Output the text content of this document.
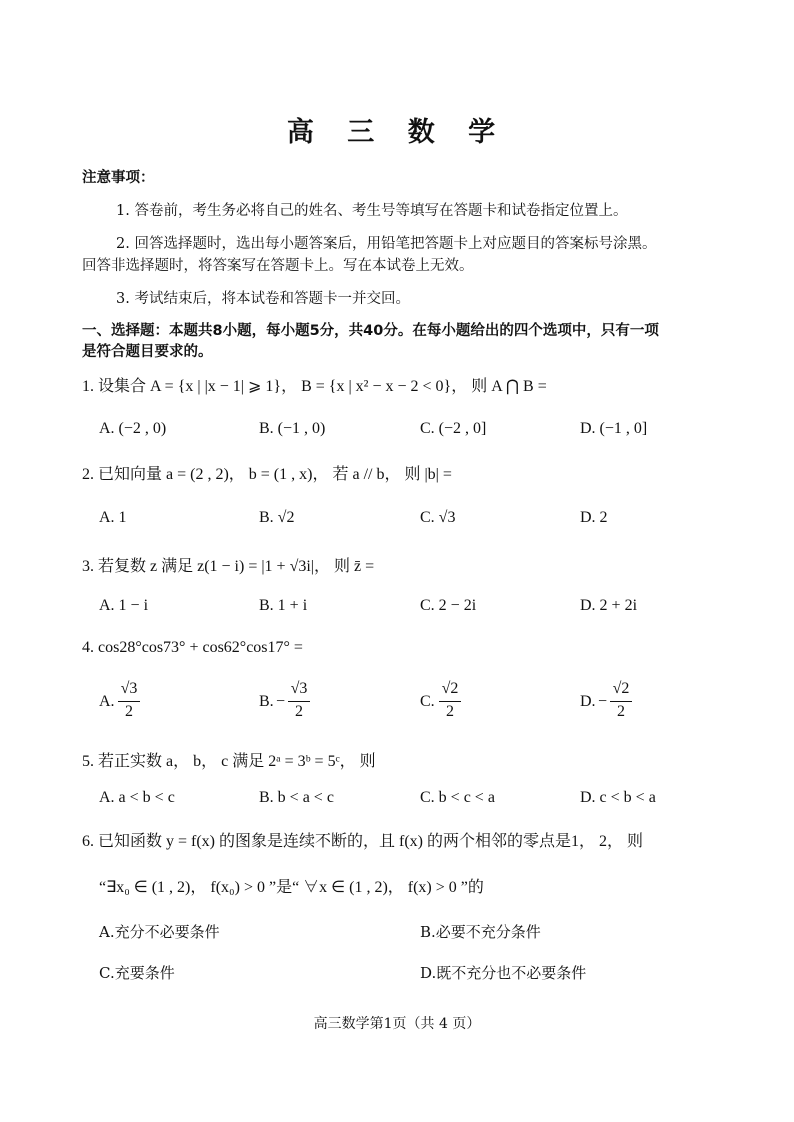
高 三 数 学
注意事项：
1. 答卷前，考生务必将自己的姓名、考生号等填写在答题卡和试卷指定位置上。
2. 回答选择题时，选出每小题答案后，用铅笔把答题卡上对应题目的答案标号涂黑。
回答非选择题时，将答案写在答题卡上。写在本试卷上无效。
3. 考试结束后，将本试卷和答题卡一并交回。
一、选择题：本题共8小题，每小题5分，共40分。在每小题给出的四个选项中，只有一项
是符合题目要求的。
1. 设集合 A = {x | |x − 1| ⩾ 1}， B = {x | x² − x − 2 < 0}， 则 A ⋂ B =
A. (−2 , 0)	B. (−1 , 0)	C. (−2 , 0]	D. (−1 , 0]
2. 已知向量 a = (2 , 2)， b = (1 , x)， 若 a // b， 则 |b| =
A. 1	B. √2	C. √3	D. 2
3. 若复数 z 满足 z(1 − i) = |1 + √3i|， 则 z̄ =
A. 1 − i	B. 1 + i	C. 2 − 2i	D. 2 + 2i
4. cos28°cos73° + cos62°cos17° =
A.
√3
2
B. −
√3
2
C.
√2
2
D. −
√2
2
5. 若正实数 a， b， c 满足 2ᵃ = 3ᵇ = 5ᶜ， 则
A. a < b < c	B. b < a < c	C. b < c < a	D. c < b < a
6. 已知函数 y = f(x) 的图象是连续不断的，且 f(x) 的两个相邻的零点是1， 2， 则
“∃x₀ ∈ (1 , 2)， f(x₀) > 0 ”是“ ∀x ∈ (1 , 2)， f(x) > 0 ”的
A.充分不必要条件	B.必要不充分条件
C.充要条件	D.既不充分也不必要条件
高三数学第1页（共 4 页）
